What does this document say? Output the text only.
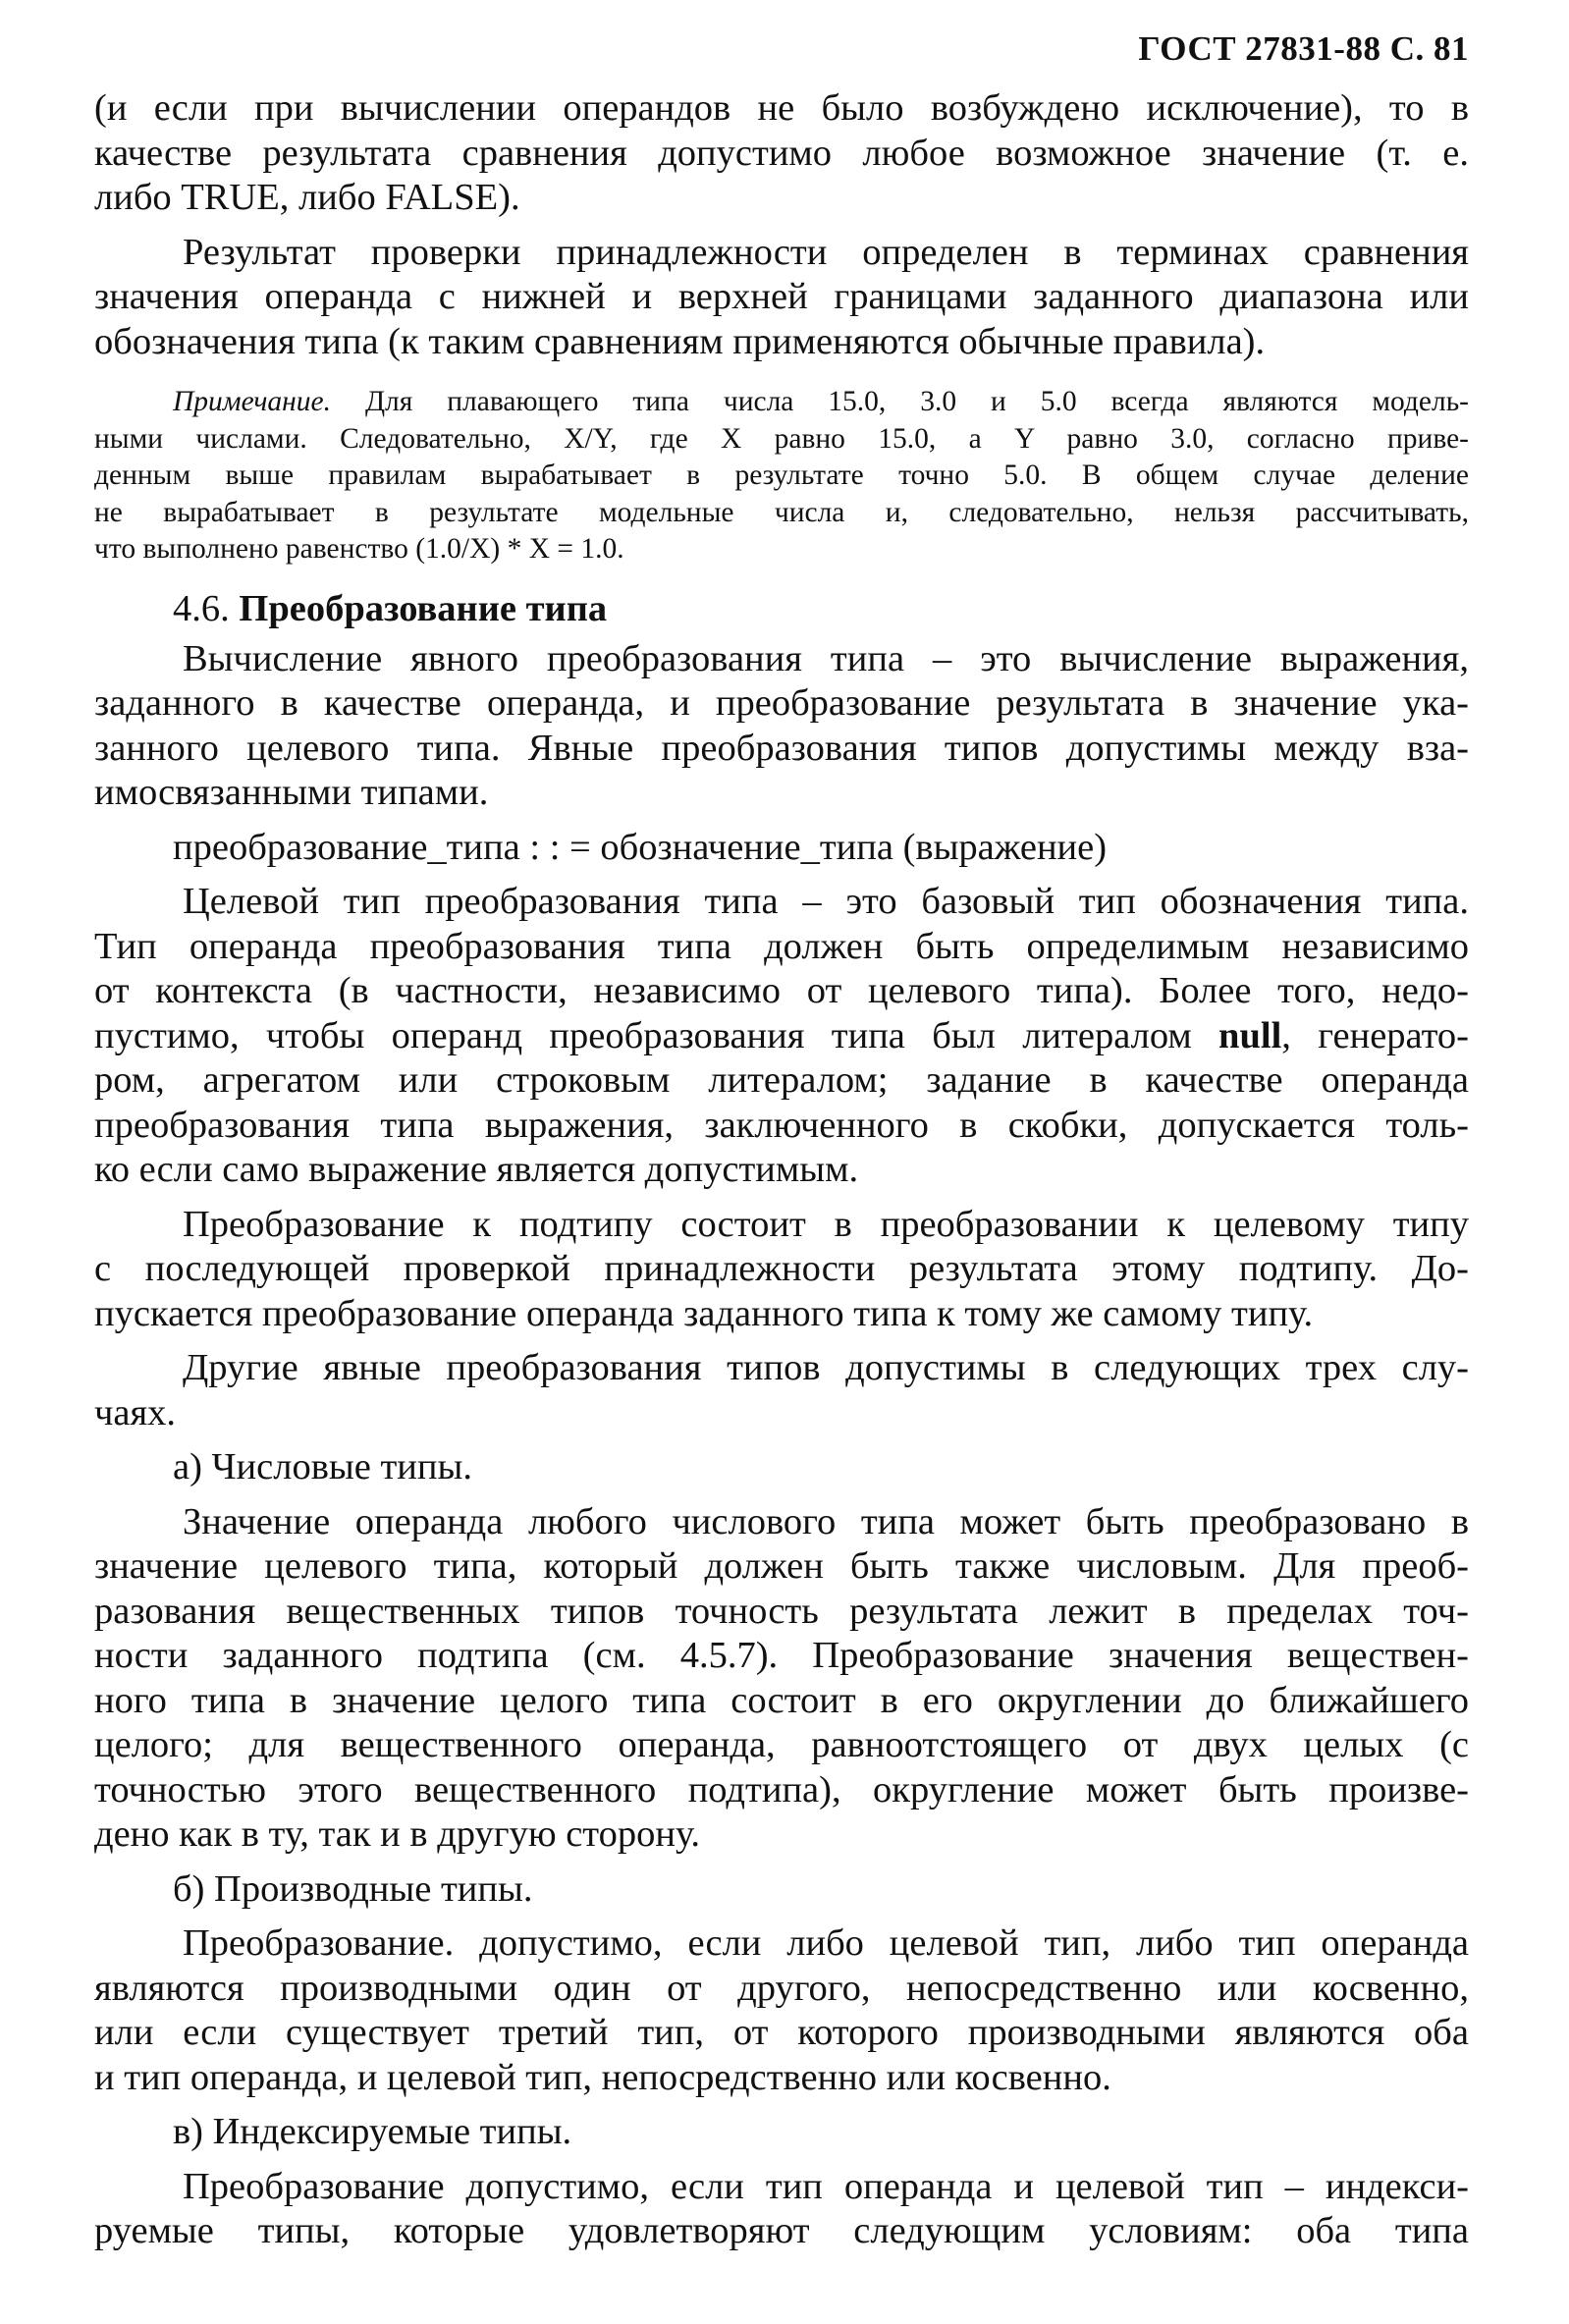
ГОСТ 27831-88 С. 81
(и если при вычислении операндов не было возбуждено исключение), то в
качестве результата сравнения допустимо любое возможное значение (т. е.
либо TRUE, либо FALSE).
Результат проверки принадлежности определен в терминах сравнения
значения операнда с нижней и верхней границами заданного диапазона или
обозначения типа (к таким сравнениям применяются обычные правила).
Примечание. Для плавающего типа числа 15.0, 3.0 и 5.0 всегда являются модель-
ными числами. Следовательно, X/Y, где X равно 15.0, а Y равно 3.0, согласно приве-
денным выше правилам вырабатывает в результате точно 5.0. В общем случае деление
не вырабатывает в результате модельные числа и, следовательно, нельзя рассчитывать,
что выполнено равенство (1.0/X) * X = 1.0.
4.6. Преобразование типа
Вычисление явного преобразования типа – это вычисление выражения,
заданного в качестве операнда, и преобразование результата в значение ука-
занного целевого типа. Явные преобразования типов допустимы между вза-
имосвязанными типами.
преобразование_типа : : = обозначение_типа (выражение)
Целевой тип преобразования типа – это базовый тип обозначения типа.
Тип операнда преобразования типа должен быть определимым независимо
от контекста (в частности, независимо от целевого типа). Более того, недо-
пустимо, чтобы операнд преобразования типа был литералом null, генерато-
ром, агрегатом или строковым литералом; задание в качестве операнда
преобразования типа выражения, заключенного в скобки, допускается толь-
ко если само выражение является допустимым.
Преобразование к подтипу состоит в преобразовании к целевому типу
с последующей проверкой принадлежности результата этому подтипу. До-
пускается преобразование операнда заданного типа к тому же самому типу.
Другие явные преобразования типов допустимы в следующих трех слу-
чаях.
а) Числовые типы.
Значение операнда любого числового типа может быть преобразовано в
значение целевого типа, который должен быть также числовым. Для преоб-
разования вещественных типов точность результата лежит в пределах точ-
ности заданного подтипа (см. 4.5.7). Преобразование значения веществен-
ного типа в значение целого типа состоит в его округлении до ближайшего
целого; для вещественного операнда, равноотстоящего от двух целых (с
точностью этого вещественного подтипа), округление может быть произве-
дено как в ту, так и в другую сторону.
б) Производные типы.
Преобразование. допустимо, если либо целевой тип, либо тип операнда
являются производными один от другого, непосредственно или косвенно,
или если существует третий тип, от которого производными являются оба
и тип операнда, и целевой тип, непосредственно или косвенно.
в) Индексируемые типы.
Преобразование допустимо, если тип операнда и целевой тип – индекси-
руемые типы, которые удовлетворяют следующим условиям: оба типа
